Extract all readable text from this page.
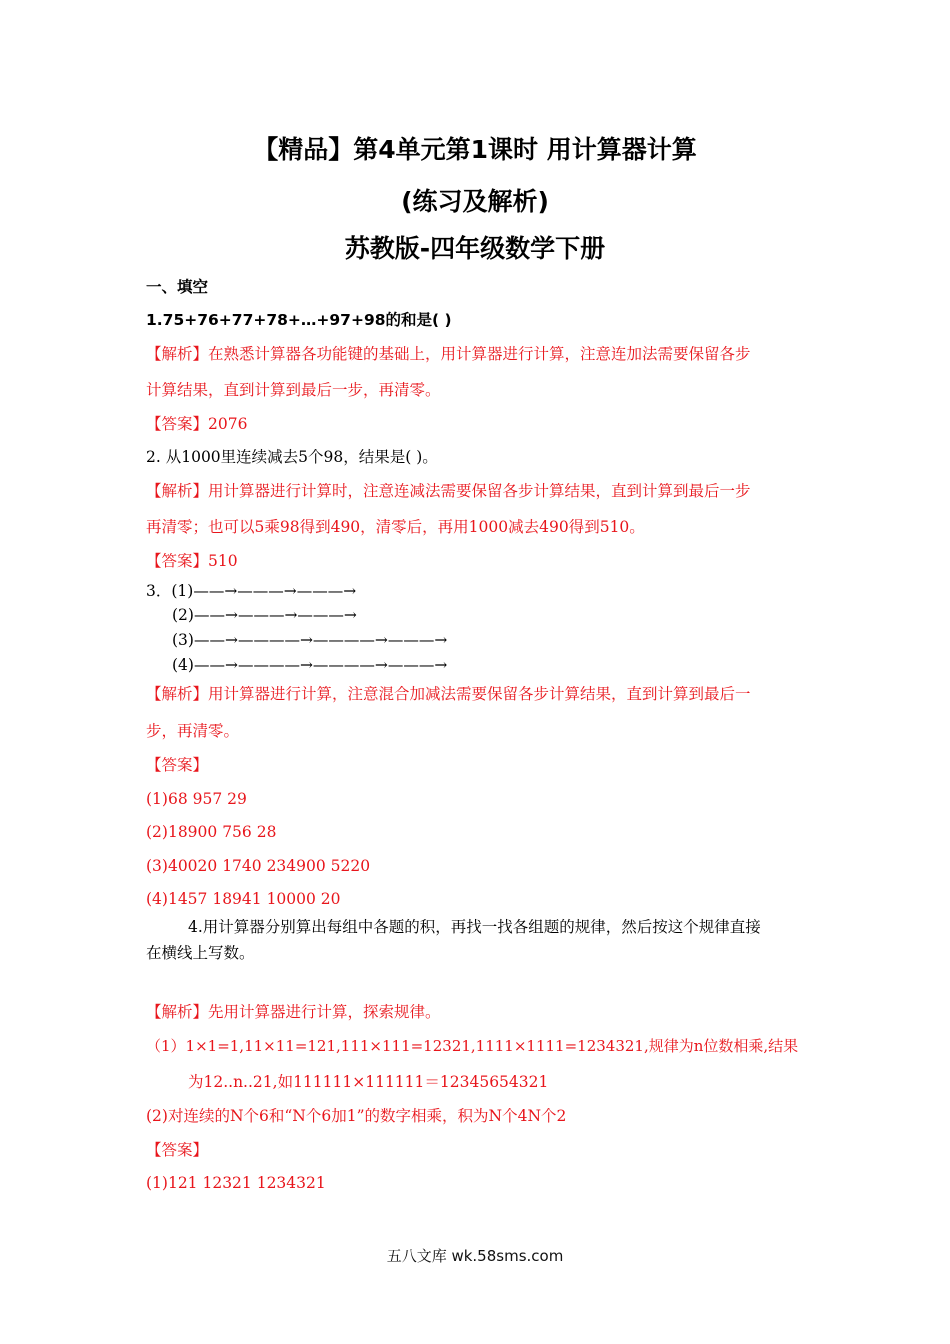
【精品】第4单元第1课时 用计算器计算
(练习及解析)
苏教版-四年级数学下册
一、填空
1.75+76+77+78+…+97+98的和是( )
【解析】在熟悉计算器各功能键的基础上，用计算器进行计算，注意连加法需要保留各步
计算结果，直到计算到最后一步，再清零。
【答案】2076
2. 从1000里连续减去5个98，结果是( )。
【解析】用计算器进行计算时，注意连减法需要保留各步计算结果，直到计算到最后一步
再清零；也可以5乘98得到490，清零后，再用1000减去490得到510。
【答案】510
3．(1)——→———→———→
(2)——→———→———→
(3)——→————→————→———→
(4)——→————→————→———→
【解析】用计算器进行计算，注意混合加减法需要保留各步计算结果，直到计算到最后一
步，再清零。
【答案】
(1)68 957 29
(2)18900 756 28
(3)40020 1740 234900 5220
(4)1457 18941 10000 20
4.用计算器分别算出每组中各题的积，再找一找各组题的规律，然后按这个规律直接
在横线上写数。
【解析】先用计算器进行计算，探索规律。
（1）1×1=1,11×11=121,111×111=12321,1111×1111=1234321,规律为n位数相乘,结果
为12..n..21,如111111×111111＝12345654321
(2)对连续的N个6和“N个6加1”的数字相乘，积为N个4N个2
【答案】
(1)121 12321 1234321
五八文库 wk.58sms.com
